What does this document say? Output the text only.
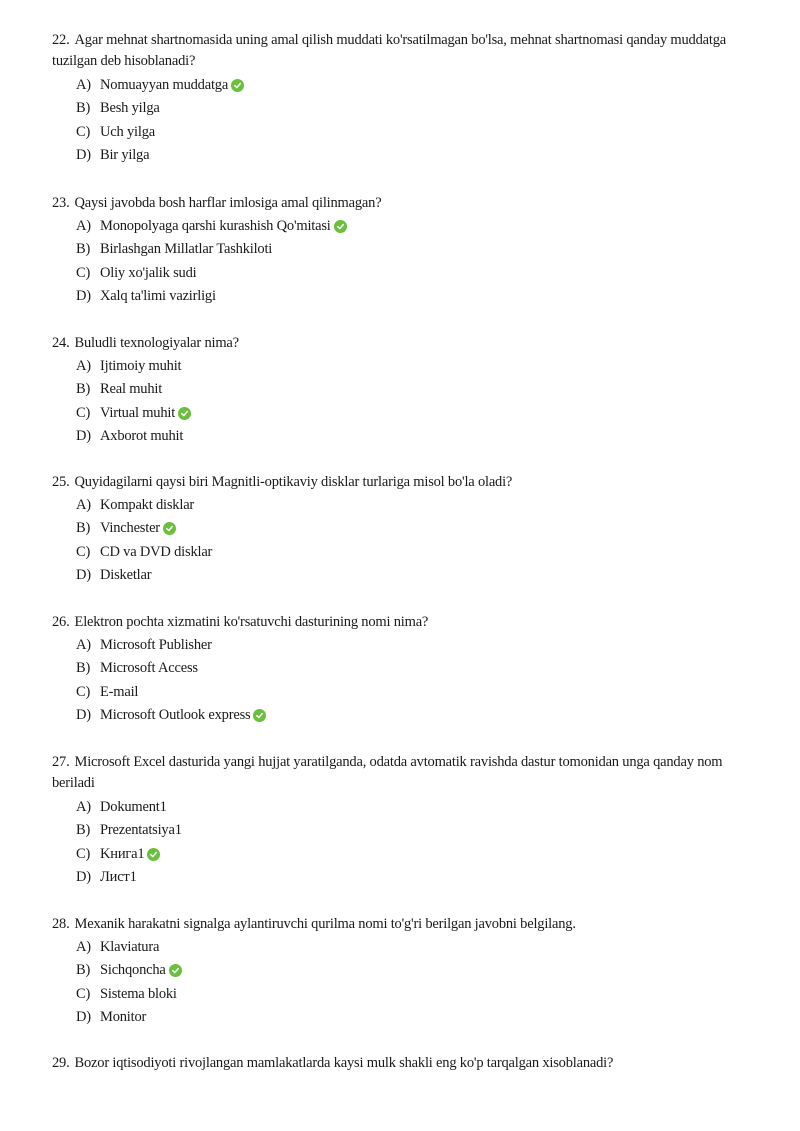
22. Agar mehnat shartnomasida uning amal qilish muddati ko'rsatilmagan bo'lsa, mehnat shartnomasi qanday muddatga tuzilgan deb hisoblanadi?

A) Nomuayyan muddatga
B) Besh yilga
C) Uch yilga
D) Bir yilga

23. Qaysi javobda bosh harflar imlosiga amal qilinmagan?

A) Monopolyaga qarshi kurashish Qo'mitasi
B) Birlashgan Millatlar Tashkiloti
C) Oliy xo'jalik sudi
D) Xalq ta'limi vazirligi

24. Buludli texnologiyalar nima?

A) Ijtimoiy muhit
B) Real muhit
C) Virtual muhit
D) Axborot muhit

25. Quyidagilarni qaysi biri Magnitli-optikaviy disklar turlariga misol bo'la oladi?

A) Kompakt disklar
B) Vinchester
C) CD va DVD disklar
D) Disketlar

26. Elektron pochta xizmatini ko'rsatuvchi dasturining nomi nima?

A) Microsoft Publisher
B) Microsoft Access
C) E-mail
D) Microsoft Outlook express

27. Microsoft Excel dasturida yangi hujjat yaratilganda, odatda avtomatik ravishda dastur tomonidan unga qanday nom beriladi

A) Dokument1
B) Prezentatsiya1
C) Kнига1
D) Лист1

28. Mexanik harakatni signalga aylantiruvchi qurilma nomi to'g'ri berilgan javobni belgilang.

A) Klaviatura
B) Sichqoncha
C) Sistema bloki
D) Monitor

29. Bozor iqtisodiyoti rivojlangan mamlakatlarda kaysi mulk shakli eng ko'p tarqalgan xisoblanadi?
